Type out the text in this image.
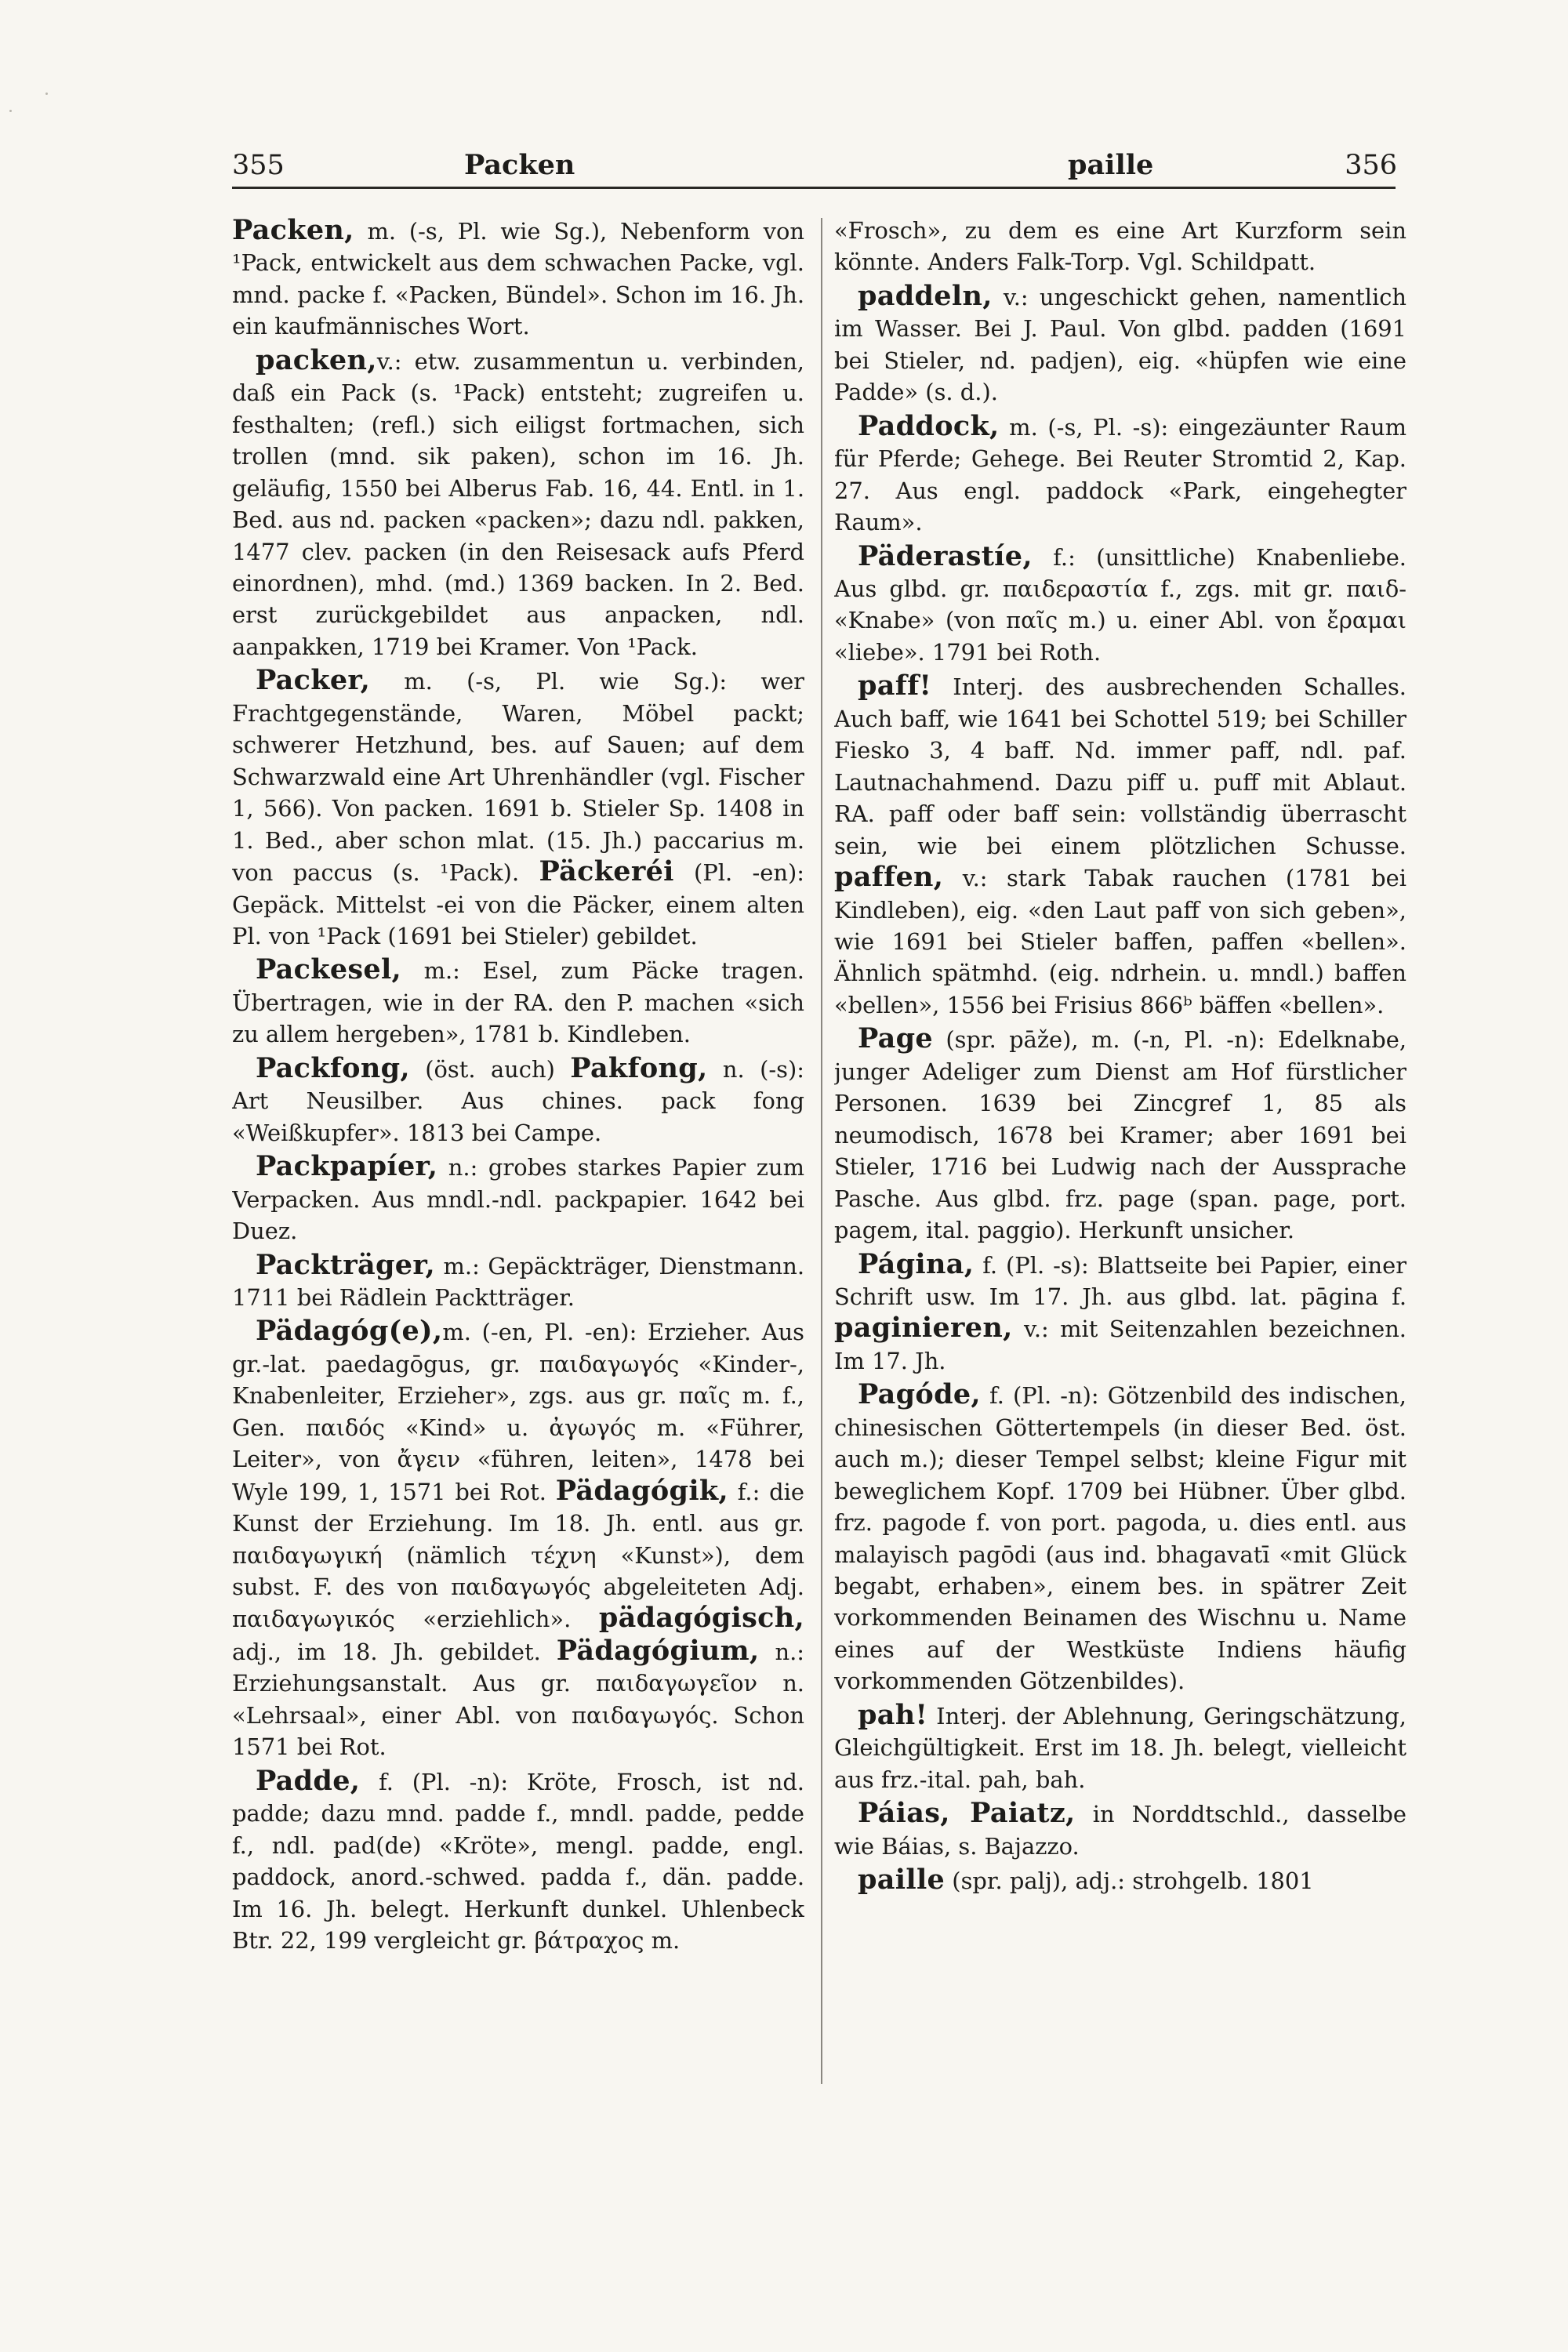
355	Packen	paille	356

Packen, m. (-s, Pl. wie Sg.), Nebenform von ¹Pack, entwickelt aus dem schwachen Packe, vgl. mnd. packe f. «Packen, Bündel». Schon im 16. Jh. ein kaufmännisches Wort.

packen,v.: etw. zusammentun u. verbinden, daß ein Pack (s. ¹Pack) entsteht; zugreifen u. festhalten; (refl.) sich eiligst fortmachen, sich trollen (mnd. sik paken), schon im 16. Jh. geläufig, 1550 bei Alberus Fab. 16, 44. Entl. in 1. Bed. aus nd. packen «packen»; dazu ndl. pakken, 1477 clev. packen (in den Reisesack aufs Pferd einordnen), mhd. (md.) 1369 backen. In 2. Bed. erst zurückgebildet aus anpacken, ndl. aanpakken, 1719 bei Kramer. Von ¹Pack.

Packer, m. (-s, Pl. wie Sg.): wer Frachtgegenstände, Waren, Möbel packt; schwerer Hetzhund, bes. auf Sauen; auf dem Schwarzwald eine Art Uhrenhändler (vgl. Fischer 1, 566). Von packen. 1691 b. Stieler Sp. 1408 in 1. Bed., aber schon mlat. (15. Jh.) paccarius m. von paccus (s. ¹Pack). Päckeréi (Pl. -en): Gepäck. Mittelst -ei von die Päcker, einem alten Pl. von ¹Pack (1691 bei Stieler) gebildet.

Packesel, m.: Esel, zum Päcke tragen. Übertragen, wie in der RA. den P. machen «sich zu allem hergeben», 1781 b. Kindleben.

Packfong, (öst. auch) Pakfong, n. (-s): Art Neusilber. Aus chines. pack fong «Weißkupfer». 1813 bei Campe.

Packpapíer, n.: grobes starkes Papier zum Verpacken. Aus mndl.-ndl. packpapier. 1642 bei Duez.

Packträger, m.: Gepäckträger, Dienstmann. 1711 bei Rädlein Packtträger.

Pädagóg(e),m. (-en, Pl. -en): Erzieher. Aus gr.-lat. paedagōgus, gr. παιδαγωγός «Kinder-, Knabenleiter, Erzieher», zgs. aus gr. παῖς m. f., Gen. παιδός «Kind» u. ἀγωγός m. «Führer, Leiter», von ἄγειν «führen, leiten», 1478 bei Wyle 199, 1, 1571 bei Rot. Pädagógik, f.: die Kunst der Erziehung. Im 18. Jh. entl. aus gr. παιδαγωγική (nämlich τέχνη «Kunst»), dem subst. F. des von παιδαγωγός abgeleiteten Adj. παιδαγωγικός «erziehlich». pädagógisch, adj., im 18. Jh. gebildet. Pädagógium, n.: Erziehungsanstalt. Aus gr. παιδαγωγεῖον n. «Lehrsaal», einer Abl. von παιδαγωγός. Schon 1571 bei Rot.

Padde, f. (Pl. -n): Kröte, Frosch, ist nd. padde; dazu mnd. padde f., mndl. padde, pedde f., ndl. pad(de) «Kröte», mengl. padde, engl. paddock, anord.-schwed. padda f., dän. padde. Im 16. Jh. belegt. Herkunft dunkel. Uhlenbeck Btr. 22, 199 vergleicht gr. βάτραχος m.

«Frosch», zu dem es eine Art Kurzform sein könnte. Anders Falk-Torp. Vgl. Schildpatt.

paddeln, v.: ungeschickt gehen, namentlich im Wasser. Bei J. Paul. Von glbd. padden (1691 bei Stieler, nd. padjen), eig. «hüpfen wie eine Padde» (s. d.).

Paddock, m. (-s, Pl. -s): eingezäunter Raum für Pferde; Gehege. Bei Reuter Stromtid 2, Kap. 27. Aus engl. paddock «Park, eingehegter Raum».

Päderastíe, f.: (unsittliche) Knabenliebe. Aus glbd. gr. παιδεραστία f., zgs. mit gr. παιδ- «Knabe» (von παῖς m.) u. einer Abl. von ἔραμαι «liebe». 1791 bei Roth.

paff! Interj. des ausbrechenden Schalles. Auch baff, wie 1641 bei Schottel 519; bei Schiller Fiesko 3, 4 baff. Nd. immer paff, ndl. paf. Lautnachahmend. Dazu piff u. puff mit Ablaut. RA. paff oder baff sein: vollständig überrascht sein, wie bei einem plötzlichen Schusse. paffen, v.: stark Tabak rauchen (1781 bei Kindleben), eig. «den Laut paff von sich geben», wie 1691 bei Stieler baffen, paffen «bellen». Ähnlich spätmhd. (eig. ndrhein. u. mndl.) baffen «bellen», 1556 bei Frisius 866ᵇ bäffen «bellen».

Page (spr. pāže), m. (-n, Pl. -n): Edelknabe, junger Adeliger zum Dienst am Hof fürstlicher Personen. 1639 bei Zincgref 1, 85 als neumodisch, 1678 bei Kramer; aber 1691 bei Stieler, 1716 bei Ludwig nach der Aussprache Pasche. Aus glbd. frz. page (span. page, port. pagem, ital. paggio). Herkunft unsicher.

Página, f. (Pl. -s): Blattseite bei Papier, einer Schrift usw. Im 17. Jh. aus glbd. lat. pāgina f. paginieren, v.: mit Seitenzahlen bezeichnen. Im 17. Jh.

Pagóde, f. (Pl. -n): Götzenbild des indischen, chinesischen Göttertempels (in dieser Bed. öst. auch m.); dieser Tempel selbst; kleine Figur mit beweglichem Kopf. 1709 bei Hübner. Über glbd. frz. pagode f. von port. pagoda, u. dies entl. aus malayisch pagōdi (aus ind. bhagavatī «mit Glück begabt, erhaben», einem bes. in spätrer Zeit vorkommenden Beinamen des Wischnu u. Name eines auf der Westküste Indiens häufig vorkommenden Götzenbildes).

pah! Interj. der Ablehnung, Geringschätzung, Gleichgültigkeit. Erst im 18. Jh. belegt, vielleicht aus frz.-ital. pah, bah.

Páias, Paiatz, in Norddtschld., dasselbe wie Báias, s. Bajazzo.

paille (spr. palj), adj.: strohgelb. 1801
